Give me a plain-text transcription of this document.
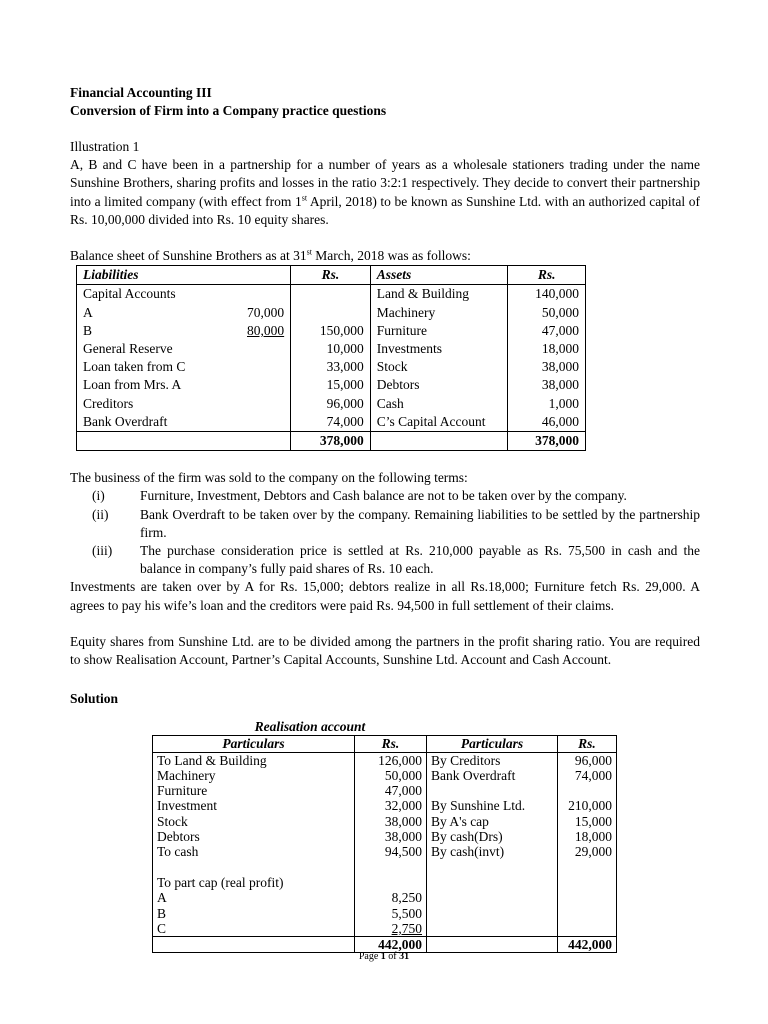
Financial Accounting III
Conversion of Firm into a Company practice questions

Illustration 1

A, B and C have been in a partnership for a number of years as a wholesale stationers trading under the name Sunshine Brothers, sharing profits and losses in the ratio 3:2:1 respectively. They decide to convert their partnership into a limited company (with effect from 1st April, 2018) to be known as Sunshine Ltd. with an authorized capital of Rs. 10,00,000 divided into Rs. 10 equity shares.

Balance sheet of Sunshine Brothers as at 31st March, 2018 was as follows:

Liabilities		Rs.	Assets	Rs.
Capital Accounts			Land & Building	140,000
A	70,000		Machinery	50,000
B	80,000	150,000	Furniture	47,000
General Reserve		10,000	Investments	18,000
Loan taken from C		33,000	Stock	38,000
Loan from Mrs. A		15,000	Debtors	38,000
Creditors		96,000	Cash	1,000
Bank Overdraft		74,000	C’s Capital Account	46,000
		378,000		378,000

The business of the firm was sold to the company on the following terms:

(i)	Furniture, Investment, Debtors and Cash balance are not to be taken over by the company.
(ii)	Bank Overdraft to be taken over by the company. Remaining liabilities to be settled by the partnership firm.
(iii)	The purchase consideration price is settled at Rs. 210,000 payable as Rs. 75,500 in cash and the balance in company’s fully paid shares of Rs. 10 each.

Investments are taken over by A for Rs. 15,000; debtors realize in all Rs.18,000; Furniture fetch Rs. 29,000. A agrees to pay his wife’s loan and the creditors were paid Rs. 94,500 in full settlement of their claims.

Equity shares from Sunshine Ltd. are to be divided among the partners in the profit sharing ratio. You are required to show Realisation Account, Partner’s Capital Accounts, Sunshine Ltd. Account and Cash Account.

Solution
Realisation account
Particulars	Rs.	Particulars	Rs.
To Land & Building	126,000	By Creditors	96,000
Machinery	50,000	Bank Overdraft	74,000
Furniture	47,000		
Investment	32,000	By Sunshine Ltd.	210,000
Stock	38,000	By A's cap	15,000
Debtors	38,000	By cash(Drs)	18,000
To cash	94,500	By cash(invt)	29,000

To part cap (real profit)			
A	8,250		
B	5,500		
C	2,750		
	442,000		442,000
Page 1 of 31
